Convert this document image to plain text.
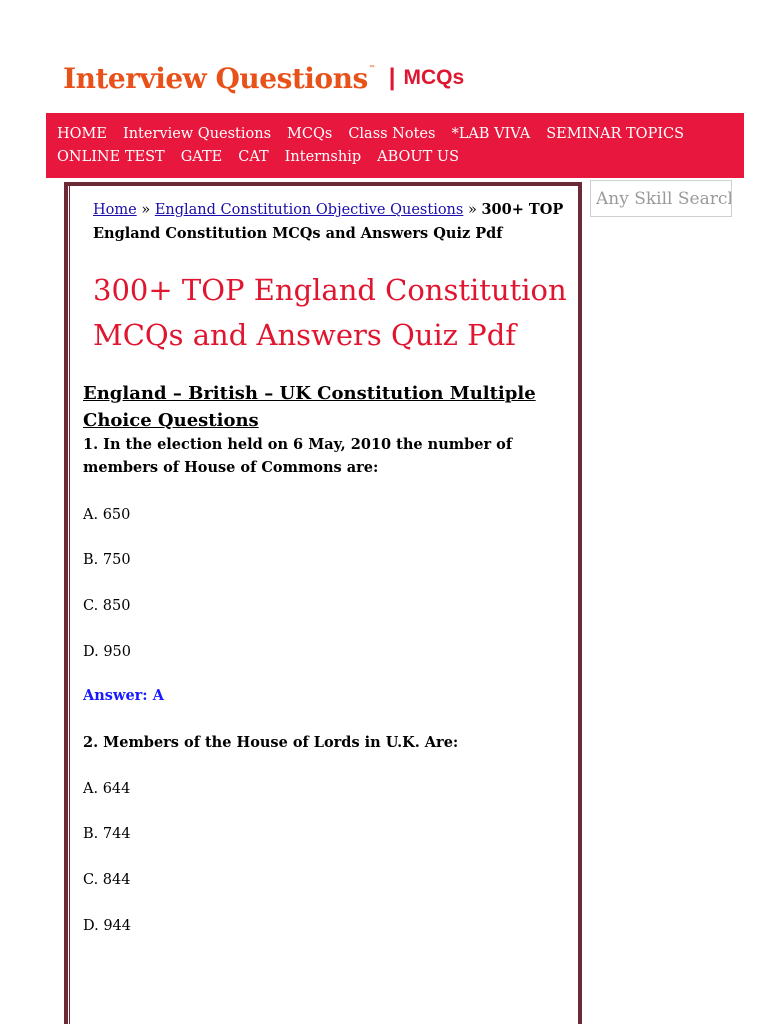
Interview Questions ™ | MCQs
HOME Interview Questions MCQs Class Notes *LAB VIVA SEMINAR TOPICS
ONLINE TEST GATE CAT Internship ABOUT US
Any Skill Search Here
Home » England Constitution Objective Questions » 300+ TOP England Constitution MCQs and Answers Quiz Pdf
300+ TOP England Constitution MCQs and Answers Quiz Pdf
England – British – UK Constitution Multiple Choice Questions
1. In the election held on 6 May, 2010 the number of members of House of Commons are:
A. 650
B. 750
C. 850
D. 950
Answer: A
2. Members of the House of Lords in U.K. Are:
A. 644
B. 744
C. 844
D. 944
